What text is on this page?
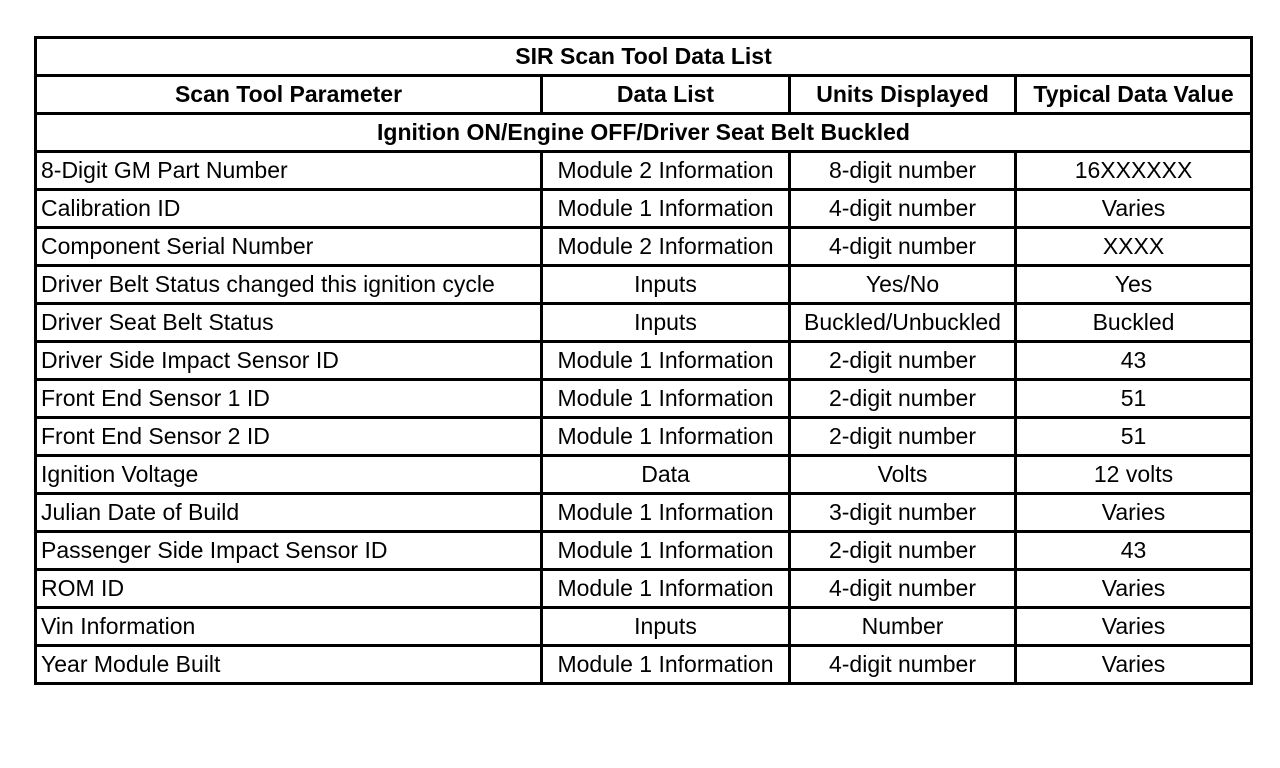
SIR Scan Tool Data List			
Scan Tool Parameter	Data List	Units Displayed	Typical Data Value
Ignition ON/Engine OFF/Driver Seat Belt Buckled			
8-Digit GM Part Number	Module 2 Information	8-digit number	16XXXXXX
Calibration ID	Module 1 Information	4-digit number	Varies
Component Serial Number	Module 2 Information	4-digit number	XXXX
Driver Belt Status changed this ignition cycle	Inputs	Yes/No	Yes
Driver Seat Belt Status	Inputs	Buckled/Unbuckled	Buckled
Driver Side Impact Sensor ID	Module 1 Information	2-digit number	43
Front End Sensor 1 ID	Module 1 Information	2-digit number	51
Front End Sensor 2 ID	Module 1 Information	2-digit number	51
Ignition Voltage	Data	Volts	12 volts
Julian Date of Build	Module 1 Information	3-digit number	Varies
Passenger Side Impact Sensor ID	Module 1 Information	2-digit number	43
ROM ID	Module 1 Information	4-digit number	Varies
Vin Information	Inputs	Number	Varies
Year Module Built	Module 1 Information	4-digit number	Varies
